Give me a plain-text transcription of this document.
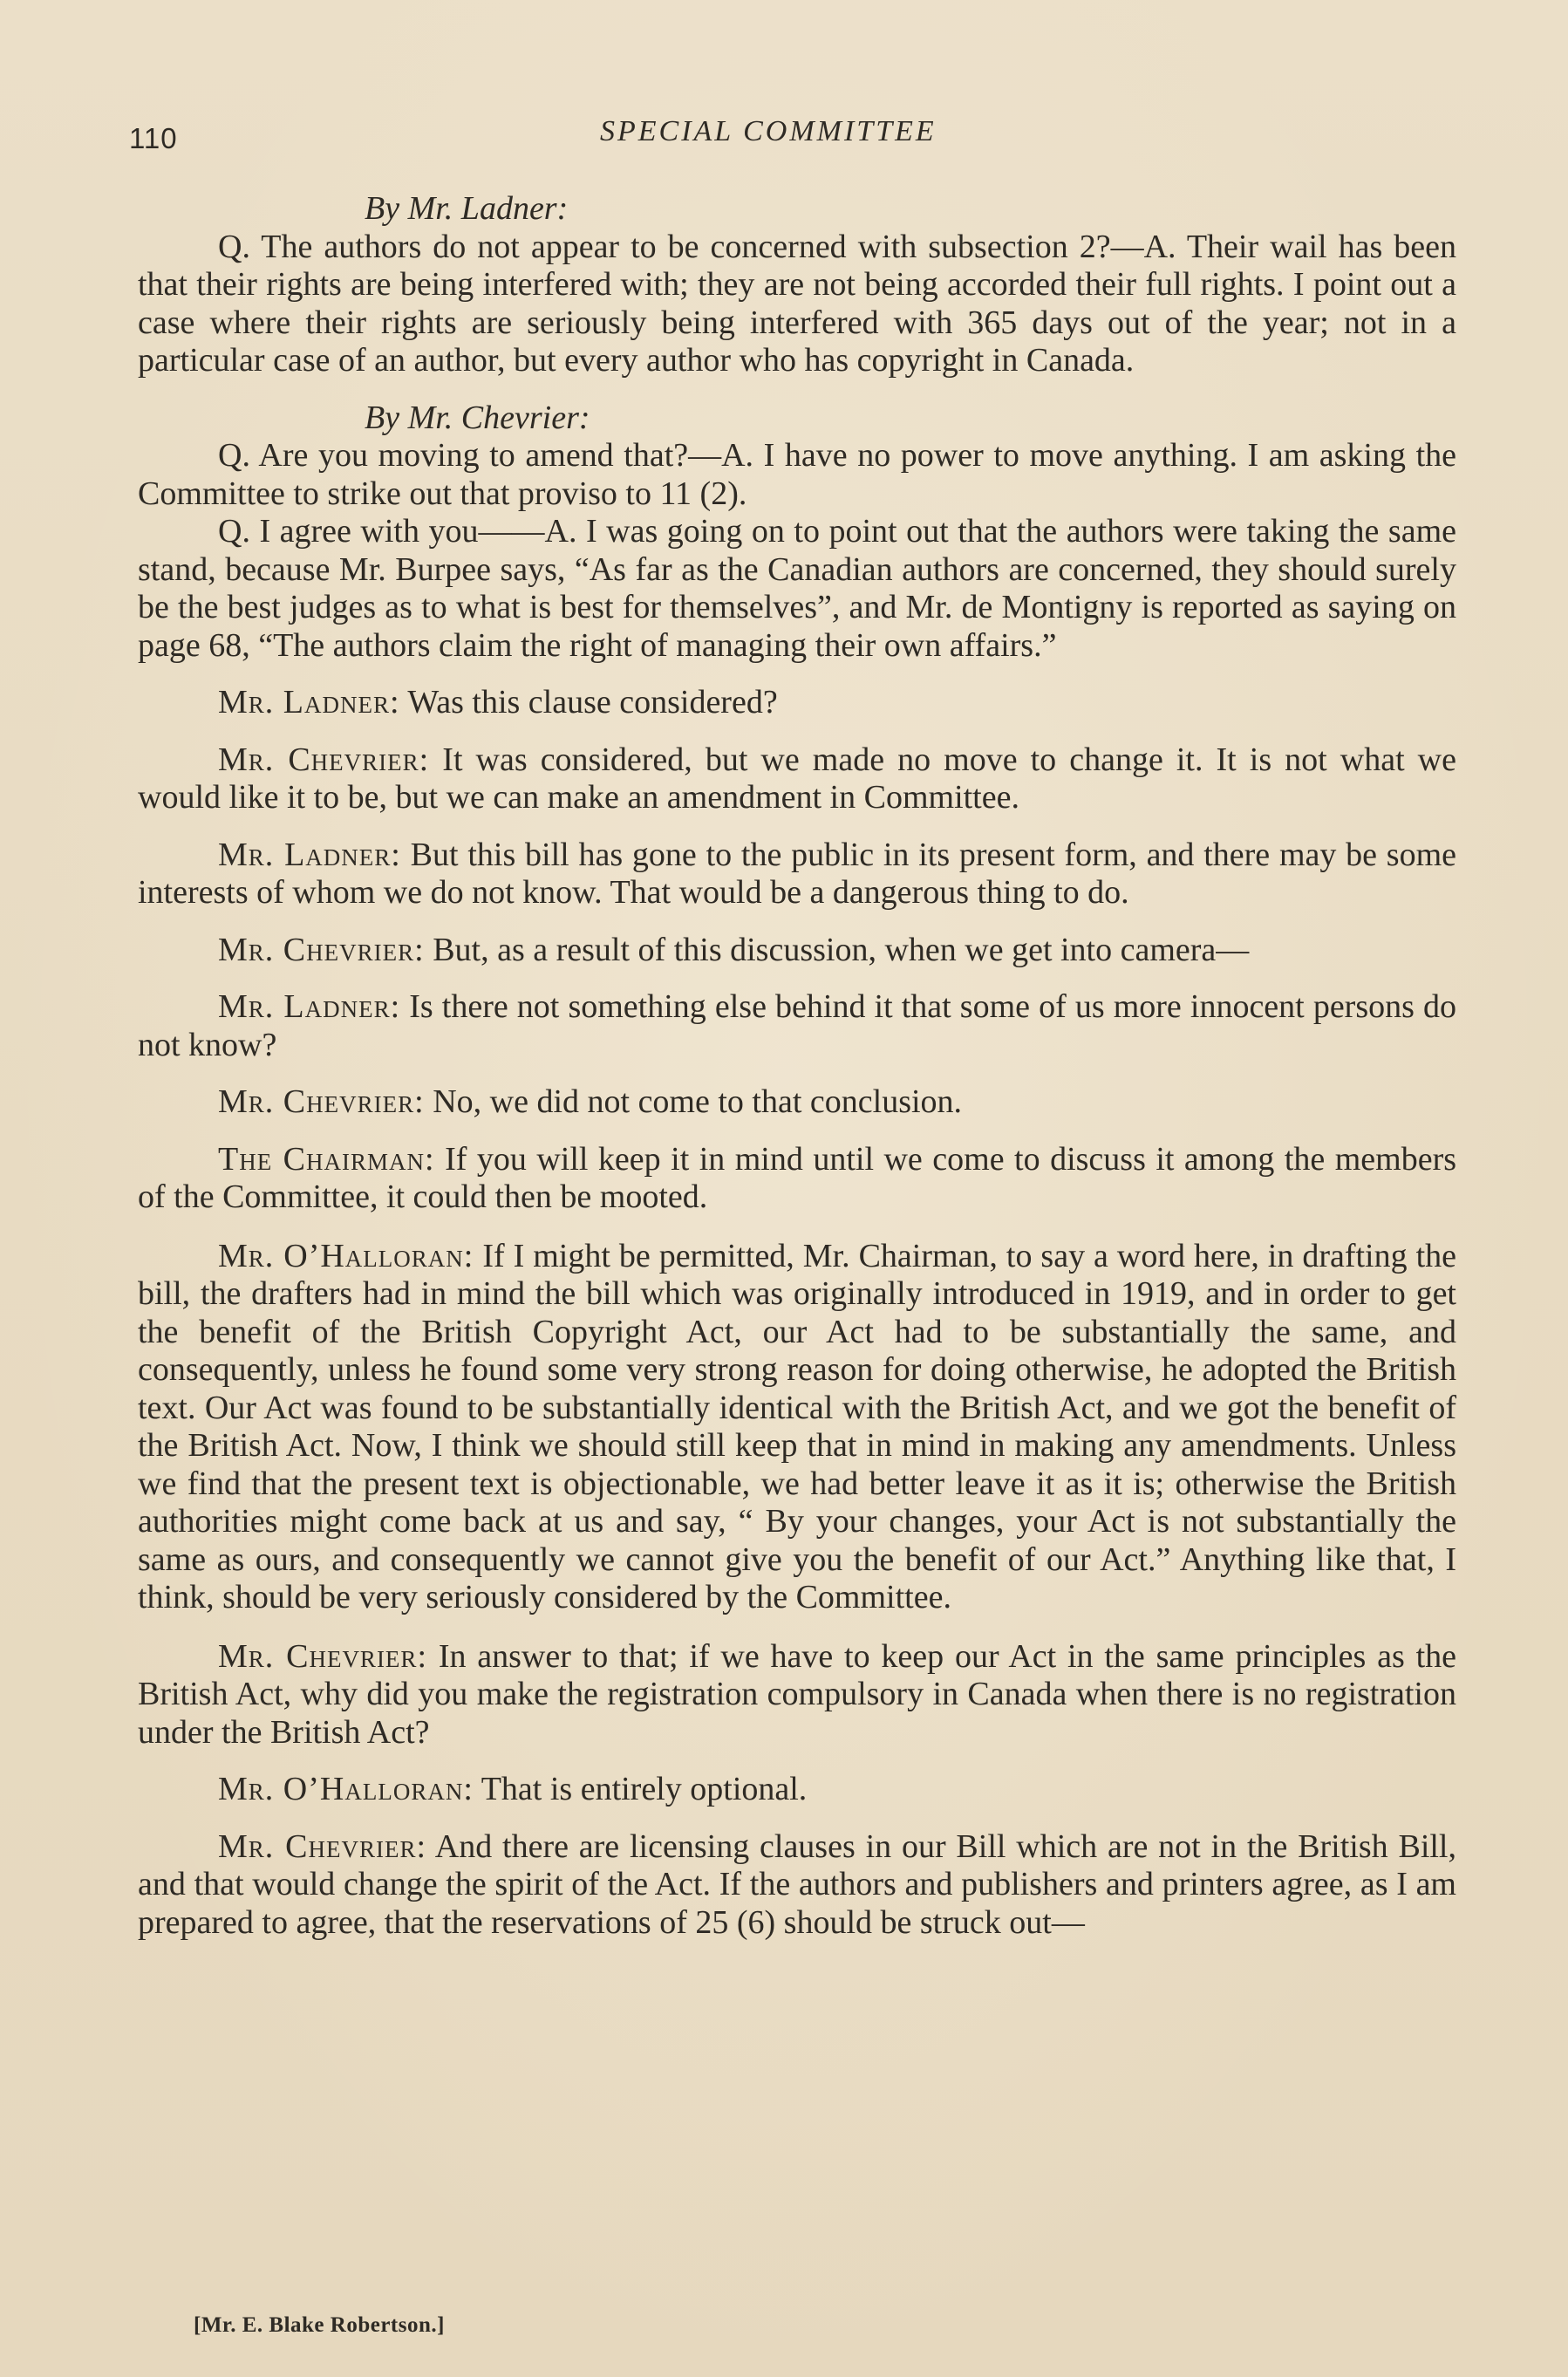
110	SPECIAL COMMITTEE

By Mr. Ladner:

Q. The authors do not appear to be concerned with subsection 2?—A. Their wail has been that their rights are being interfered with; they are not being accorded their full rights. I point out a case where their rights are seriously being interfered with 365 days out of the year; not in a particular case of an author, but every author who has copyright in Canada.

By Mr. Chevrier:

Q. Are you moving to amend that?—A. I have no power to move anything. I am asking the Committee to strike out that proviso to 11 (2).

Q. I agree with you——A. I was going on to point out that the authors were taking the same stand, because Mr. Burpee says, “As far as the Canadian authors are concerned, they should surely be the best judges as to what is best for themselves”, and Mr. de Montigny is reported as saying on page 68, “The authors claim the right of managing their own affairs.”

Mr. Ladner: Was this clause considered?

Mr. Chevrier: It was considered, but we made no move to change it. It is not what we would like it to be, but we can make an amendment in Committee.

Mr. Ladner: But this bill has gone to the public in its present form, and there may be some interests of whom we do not know. That would be a dangerous thing to do.

Mr. Chevrier: But, as a result of this discussion, when we get into camera—

Mr. Ladner: Is there not something else behind it that some of us more innocent persons do not know?

Mr. Chevrier: No, we did not come to that conclusion.

The Chairman: If you will keep it in mind until we come to discuss it among the members of the Committee, it could then be mooted.

Mr. O’Halloran: If I might be permitted, Mr. Chairman, to say a word here, in drafting the bill, the drafters had in mind the bill which was originally introduced in 1919, and in order to get the benefit of the British Copyright Act, our Act had to be substantially the same, and consequently, unless he found some very strong reason for doing otherwise, he adopted the British text. Our Act was found to be substantially identical with the British Act, and we got the benefit of the British Act. Now, I think we should still keep that in mind in making any amendments. Unless we find that the present text is objectionable, we had better leave it as it is; otherwise the British authorities might come back at us and say, “ By your changes, your Act is not substantially the same as ours, and consequently we cannot give you the benefit of our Act.” Anything like that, I think, should be very seriously considered by the Committee.

Mr. Chevrier: In answer to that; if we have to keep our Act in the same principles as the British Act, why did you make the registration compulsory in Canada when there is no registration under the British Act?

Mr. O’Halloran: That is entirely optional.

Mr. Chevrier: And there are licensing clauses in our Bill which are not in the British Bill, and that would change the spirit of the Act. If the authors and publishers and printers agree, as I am prepared to agree, that the reservations of 25 (6) should be struck out—

[Mr. E. Blake Robertson.]
